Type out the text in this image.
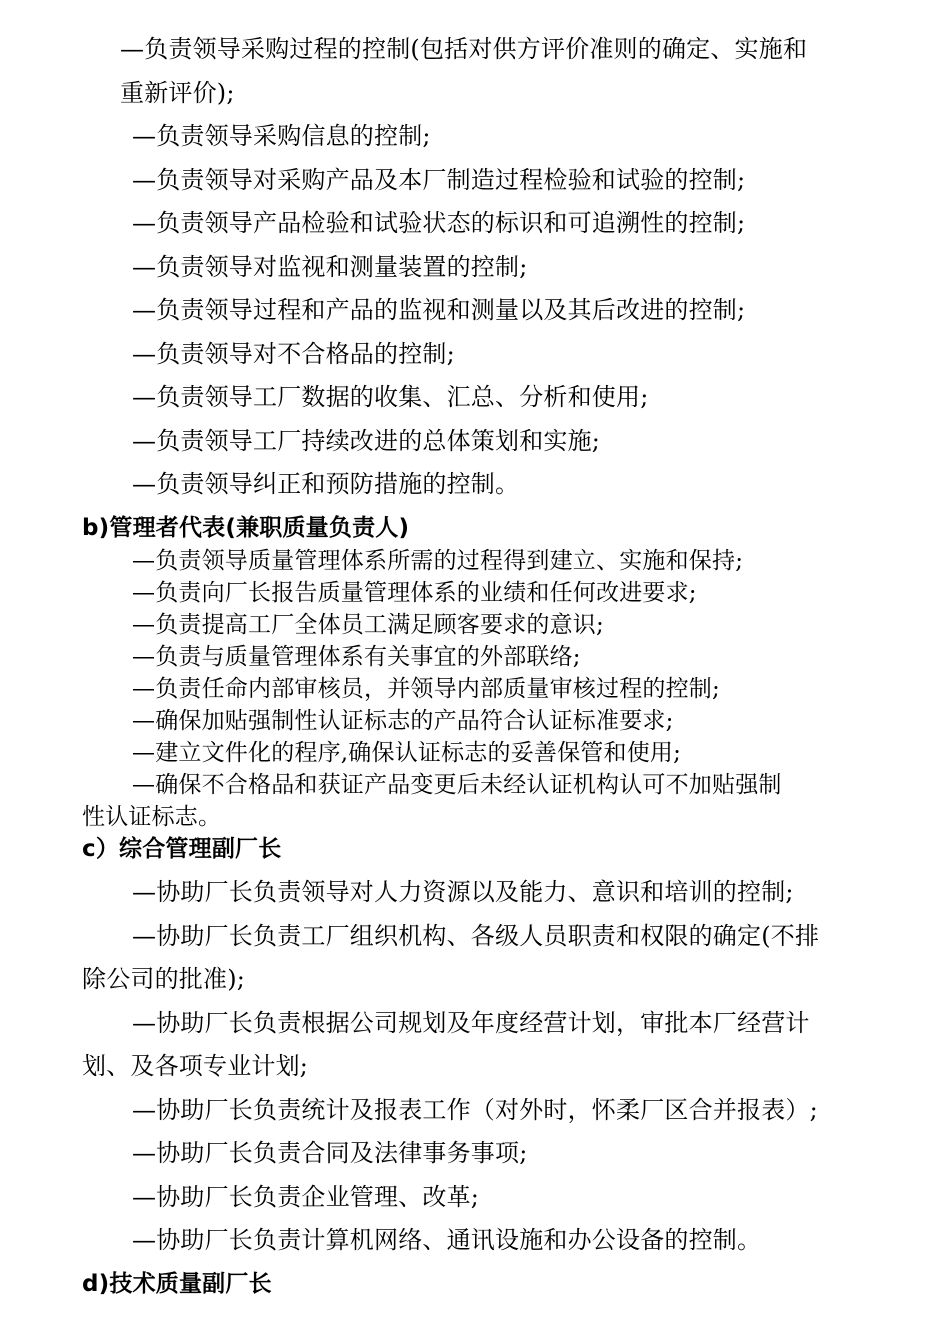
—负责领导采购过程的控制(包括对供方评价准则的确定、实施和
重新评价);
—负责领导采购信息的控制;
—负责领导对采购产品及本厂制造过程检验和试验的控制;
—负责领导产品检验和试验状态的标识和可追溯性的控制;
—负责领导对监视和测量装置的控制;
—负责领导过程和产品的监视和测量以及其后改进的控制;
—负责领导对不合格品的控制;
—负责领导工厂数据的收集、汇总、分析和使用;
—负责领导工厂持续改进的总体策划和实施;
—负责领导纠正和预防措施的控制。
b)管理者代表(兼职质量负责人)
—负责领导质量管理体系所需的过程得到建立、实施和保持;
—负责向厂长报告质量管理体系的业绩和任何改进要求;
—负责提高工厂全体员工满足顾客要求的意识;
—负责与质量管理体系有关事宜的外部联络;
—负责任命内部审核员，并领导内部质量审核过程的控制;
—确保加贴强制性认证标志的产品符合认证标准要求;
—建立文件化的程序,确保认证标志的妥善保管和使用;
—确保不合格品和获证产品变更后未经认证机构认可不加贴强制
性认证标志。
c）综合管理副厂长
—协助厂长负责领导对人力资源以及能力、意识和培训的控制;
—协助厂长负责工厂组织机构、各级人员职责和权限的确定(不排
除公司的批准);
—协助厂长负责根据公司规划及年度经营计划，审批本厂经营计
划、及各项专业计划;
—协助厂长负责统计及报表工作（对外时，怀柔厂区合并报表）;
—协助厂长负责合同及法律事务事项;
—协助厂长负责企业管理、改革;
—协助厂长负责计算机网络、通讯设施和办公设备的控制。
d)技术质量副厂长
